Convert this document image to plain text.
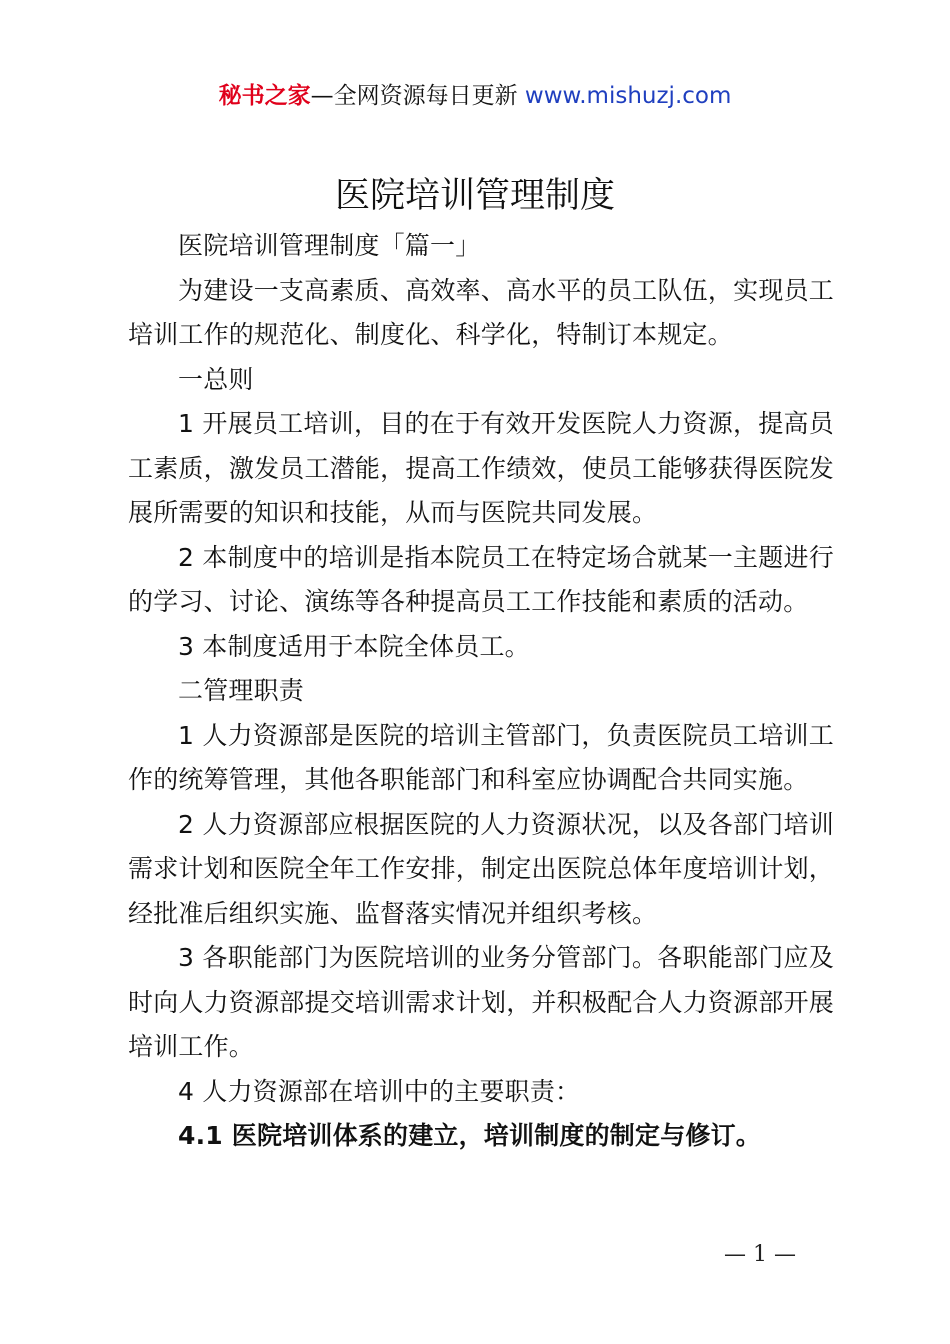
秘书之家—全网资源每日更新 www.mishuzj.com
医院培训管理制度

医院培训管理制度「篇一」

为建设一支高素质、高效率、高水平的员工队伍，实现员工培训工作的规范化、制度化、科学化，特制订本规定。

一总则

1 开展员工培训，目的在于有效开发医院人力资源，提高员工素质，激发员工潜能，提高工作绩效，使员工能够获得医院发展所需要的知识和技能，从而与医院共同发展。

2 本制度中的培训是指本院员工在特定场合就某一主题进行的学习、讨论、演练等各种提高员工工作技能和素质的活动。

3 本制度适用于本院全体员工。

二管理职责

1 人力资源部是医院的培训主管部门，负责医院员工培训工作的统筹管理，其他各职能部门和科室应协调配合共同实施。

2 人力资源部应根据医院的人力资源状况，以及各部门培训需求计划和医院全年工作安排，制定出医院总体年度培训计划，经批准后组织实施、监督落实情况并组织考核。

3 各职能部门为医院培训的业务分管部门。各职能部门应及时向人力资源部提交培训需求计划，并积极配合人力资源部开展培训工作。

4 人力资源部在培训中的主要职责：

4.1 医院培训体系的建立，培训制度的制定与修订。

— 1 —
